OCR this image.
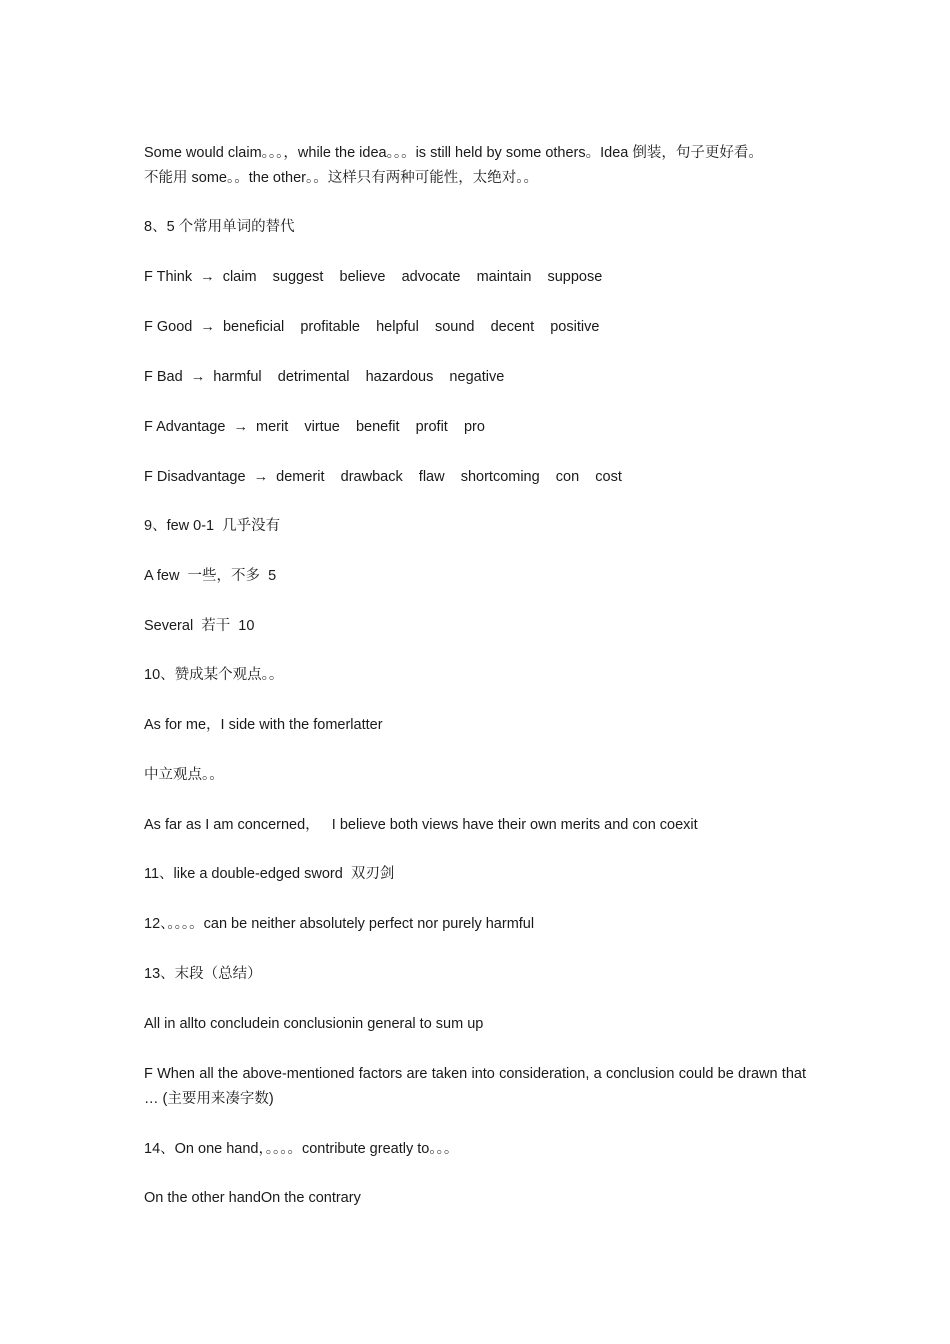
Some would claim。。。，while the idea。。。is still held by some others。Idea 倒装，句子更好看。
不能用 some。。the other。。这样只有两种可能性，太绝对。。
8、5 个常用单词的替代
F Think  →  claim    suggest    believe    advocate    maintain    suppose
F Good  →  beneficial    profitable    helpful    sound    decent    positive
F Bad  →  harmful    detrimental    hazardous    negative
F Advantage  →  merit    virtue    benefit    profit    pro
F Disadvantage  →  demerit    drawback    flaw    shortcoming    con    cost
9、few 0-1  几乎没有
A few  一些，不多  5
Several  若干  10
10、赞成某个观点。。
As for me，I side with the fomerlatter
中立观点。。
As far as I am concerned，   I believe both views have their own merits and con coexit
11、like a double-edged sword  双刃剑
12、。。。。can be neither absolutely perfect nor purely harmful
13、末段（总结）
All in allto concludein conclusionin general to sum up
F When all the above-mentioned factors are taken into consideration, a conclusion could be drawn that … (主要用来凑字数)
14、On one hand，。。。。contribute greatly to。。。
On the other handOn the contrary
